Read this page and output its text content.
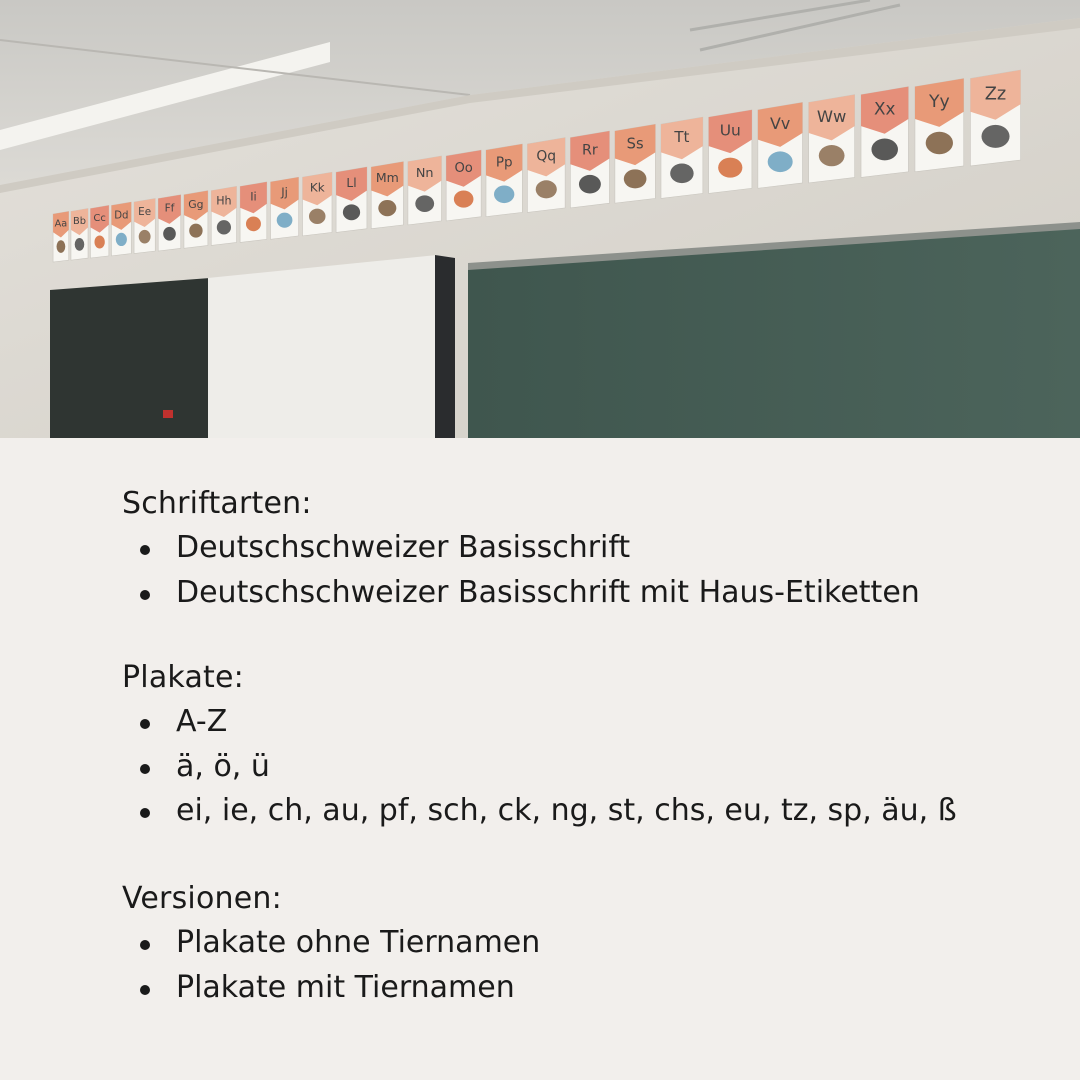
Aa Bb Cc Dd Ee Ff Gg Hh Ii Jj Kk Ll Mm Nn Oo Pp Qq Rr Ss Tt Uu Vv Ww Xx Yy Zz
Schriftarten:
Deutschschweizer Basisschrift
Deutschschweizer Basisschrift mit Haus-Etiketten
Plakate:
A-Z
ä, ö, ü
ei, ie, ch, au, pf, sch, ck, ng, st, chs, eu, tz, sp, äu, ß
Versionen:
Plakate ohne Tiernamen
Plakate mit Tiernamen
